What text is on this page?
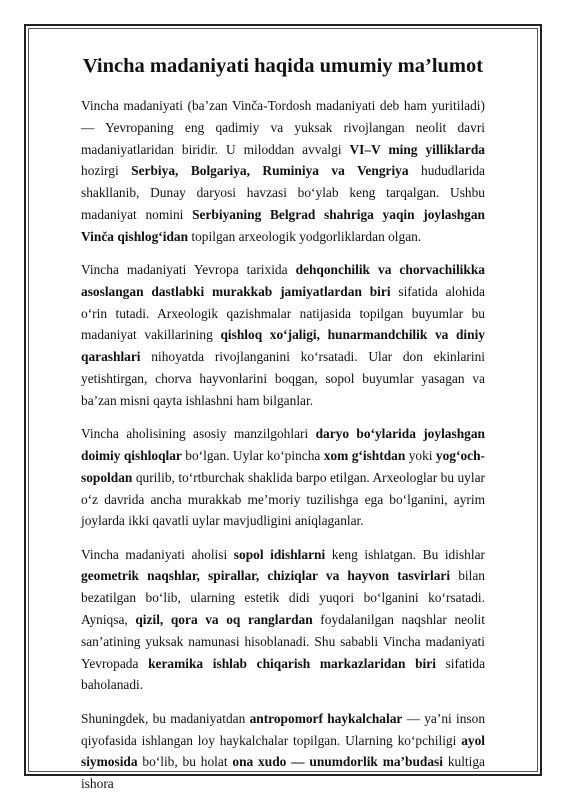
Vincha madaniyati haqida umumiy ma’lumot

Vincha madaniyati (ba’zan Vinča-Tordosh madaniyati deb ham yuritiladi) — Yevropaning eng qadimiy va yuksak rivojlangan neolit davri madaniyatlaridan biridir. U miloddan avvalgi VI–V ming yilliklarda hozirgi Serbiya, Bolgariya, Ruminiya va Vengriya hududlarida shakllanib, Dunay daryosi havzasi bo‘ylab keng tarqalgan. Ushbu madaniyat nomini Serbiyaning Belgrad shahriga yaqin joylashgan Vinča qishlog‘idan topilgan arxeologik yodgorliklardan olgan.

Vincha madaniyati Yevropa tarixida dehqonchilik va chorvachilikka asoslangan dastlabki murakkab jamiyatlardan biri sifatida alohida o‘rin tutadi. Arxeologik qazishmalar natijasida topilgan buyumlar bu madaniyat vakillarining qishloq xo‘jaligi, hunarmandchilik va diniy qarashlari nihoyatda rivojlanganini ko‘rsatadi. Ular don ekinlarini yetishtirgan, chorva hayvonlarini boqgan, sopol buyumlar yasagan va ba’zan misni qayta ishlashni ham bilganlar.

Vincha aholisining asosiy manzilgohlari daryo bo‘ylarida joylashgan doimiy qishloqlar bo‘lgan. Uylar ko‘pincha xom g‘ishtdan yoki yog‘och-sopoldan qurilib, to‘rtburchak shaklida barpo etilgan. Arxeologlar bu uylar o‘z davrida ancha murakkab me’moriy tuzilishga ega bo‘lganini, ayrim joylarda ikki qavatli uylar mavjudligini aniqlaganlar.

Vincha madaniyati aholisi sopol idishlarni keng ishlatgan. Bu idishlar geometrik naqshlar, spirallar, chiziqlar va hayvon tasvirlari bilan bezatilgan bo‘lib, ularning estetik didi yuqori bo‘lganini ko‘rsatadi. Ayniqsa, qizil, qora va oq ranglardan foydalanilgan naqshlar neolit san’atining yuksak namunasi hisoblanadi. Shu sababli Vincha madaniyati Yevropada keramika ishlab chiqarish markazlaridan biri sifatida baholanadi.

Shuningdek, bu madaniyatdan antropomorf haykalchalar — ya’ni inson qiyofasida ishlangan loy haykalchalar topilgan. Ularning ko‘pchiligi ayol siymosida bo‘lib, bu holat ona xudo — unumdorlik ma’budasi kultiga ishora
